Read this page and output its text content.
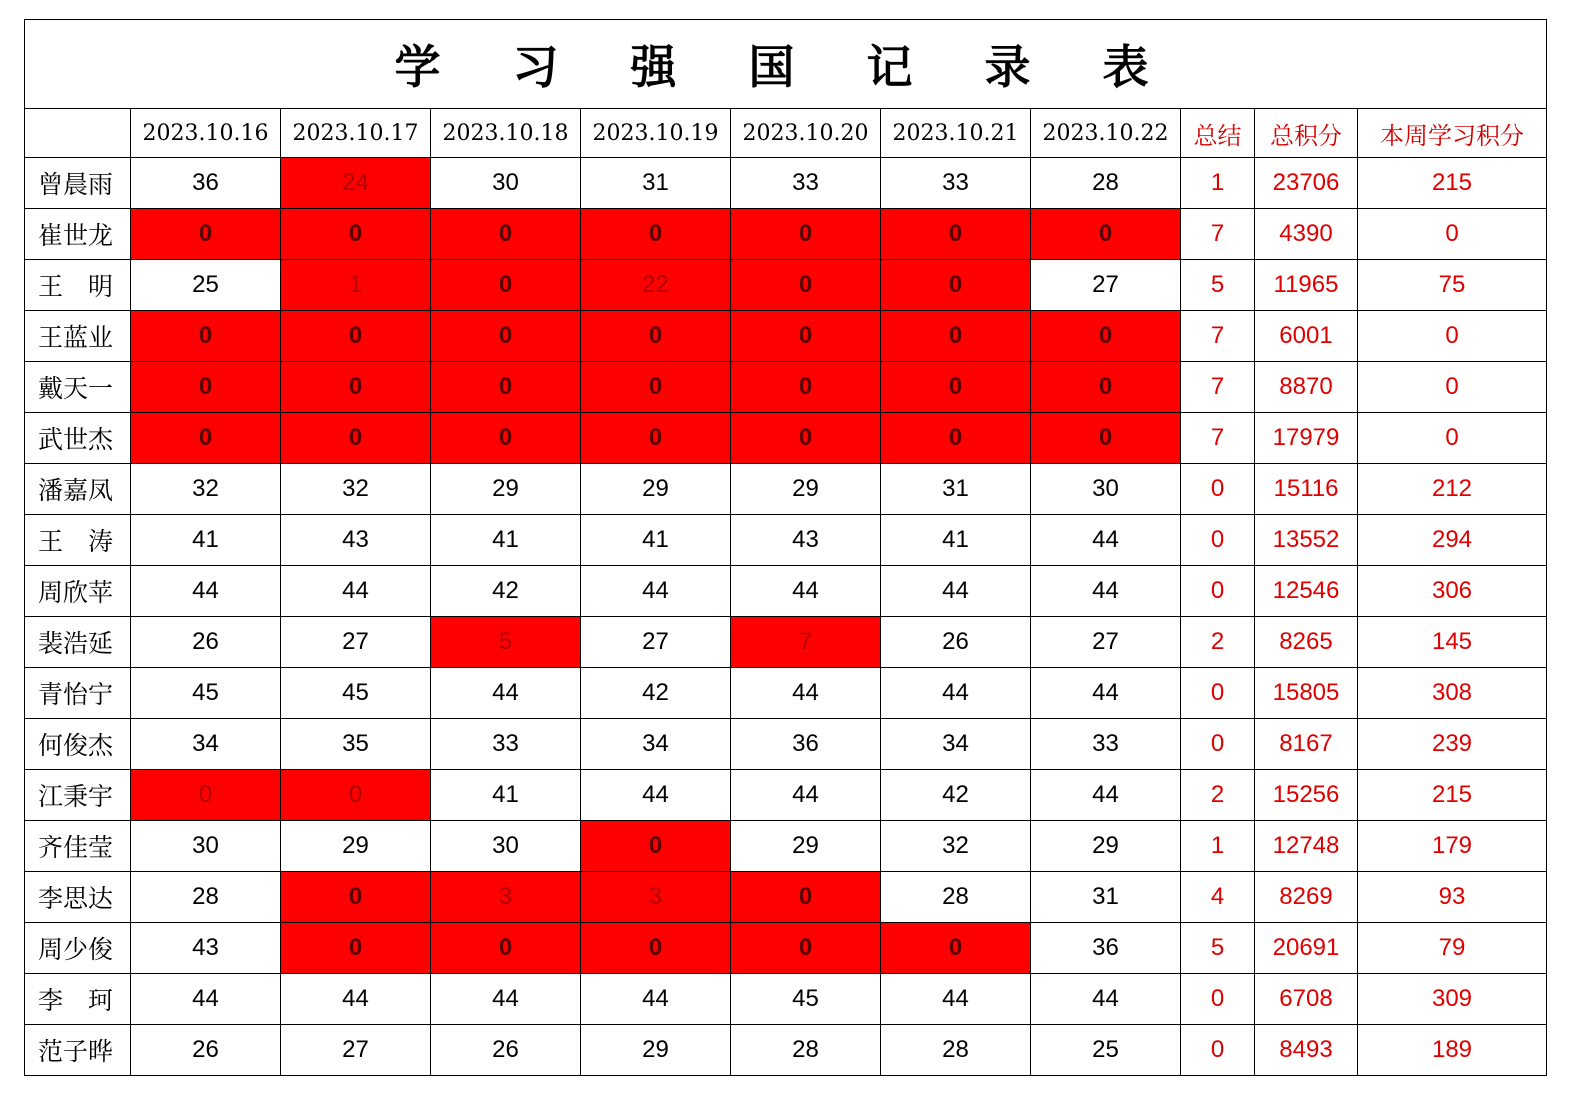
学 习 强 国 记 录 表										
	2023.10.16	2023.10.17	2023.10.18	2023.10.19	2023.10.20	2023.10.21	2023.10.22	总结	总积分	本周学习积分
曾晨雨	36	24	30	31	33	33	28	1	23706	215
崔世龙	0	0	0	0	0	0	0	7	4390	0
王　明	25	1	0	22	0	0	27	5	11965	75
王蓝业	0	0	0	0	0	0	0	7	6001	0
戴天一	0	0	0	0	0	0	0	7	8870	0
武世杰	0	0	0	0	0	0	0	7	17979	0
潘嘉凤	32	32	29	29	29	31	30	0	15116	212
王　涛	41	43	41	41	43	41	44	0	13552	294
周欣苹	44	44	42	44	44	44	44	0	12546	306
裴浩延	26	27	5	27	7	26	27	2	8265	145
青怡宁	45	45	44	42	44	44	44	0	15805	308
何俊杰	34	35	33	34	36	34	33	0	8167	239
江秉宇	0	0	41	44	44	42	44	2	15256	215
齐佳莹	30	29	30	0	29	32	29	1	12748	179
李思达	28	0	3	3	0	28	31	4	8269	93
周少俊	43	0	0	0	0	0	36	5	20691	79
李　珂	44	44	44	44	45	44	44	0	6708	309
范子晔	26	27	26	29	28	28	25	0	8493	189
